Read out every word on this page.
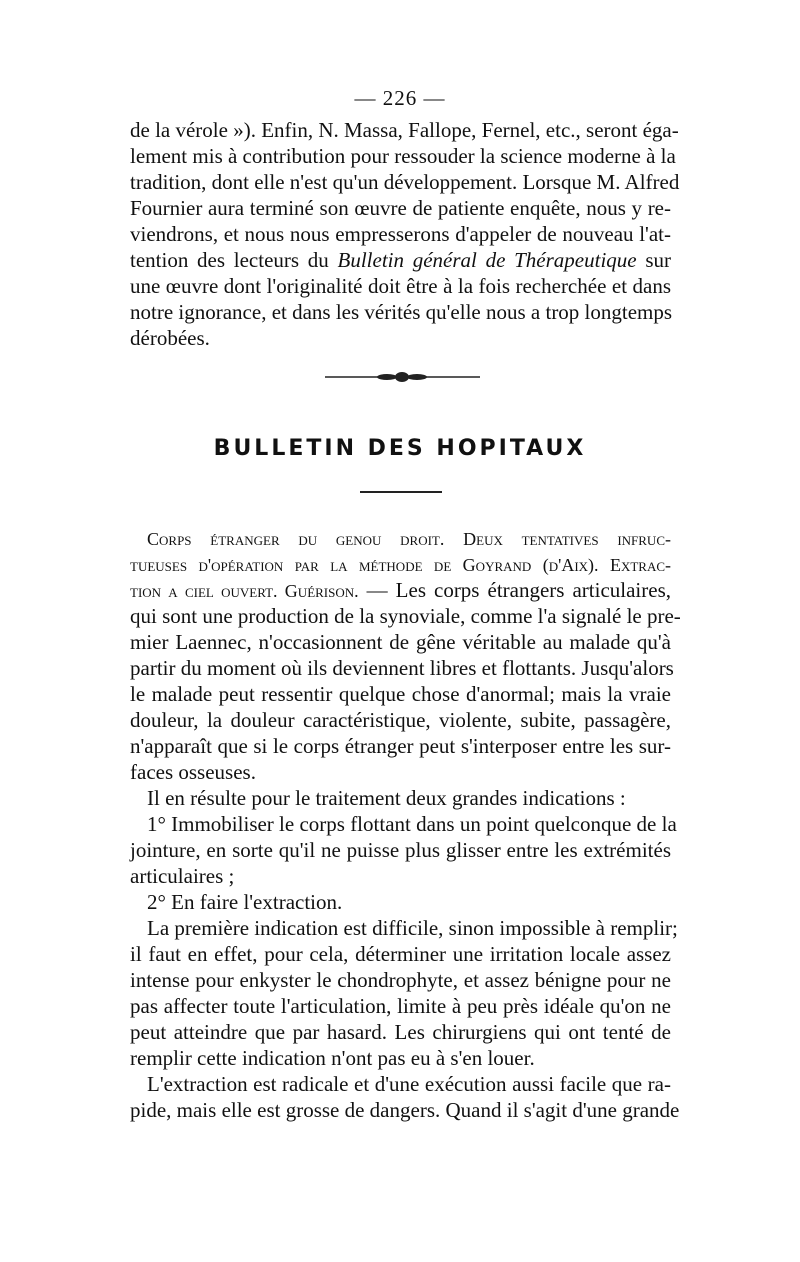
— 226 —
de la vérole »). Enfin, N. Massa, Fallope, Fernel, etc., seront éga-
lement mis à contribution pour ressouder la science moderne à la
tradition, dont elle n'est qu'un développement. Lorsque M. Alfred
Fournier aura terminé son œuvre de patiente enquête, nous y re-
viendrons, et nous nous empresserons d'appeler de nouveau l'at-
tention des lecteurs du Bulletin général de Thérapeutique sur
une œuvre dont l'originalité doit être à la fois recherchée et dans
notre ignorance, et dans les vérités qu'elle nous a trop longtemps
dérobées.
BULLETIN DES HOPITAUX
Corps étranger du genou droit. Deux tentatives infruc-
tueuses d'opération par la méthode de Goyrand (d'Aix). Extrac-
tion a ciel ouvert. Guérison. — Les corps étrangers articulaires,
qui sont une production de la synoviale, comme l'a signalé le pre-
mier Laennec, n'occasionnent de gêne véritable au malade qu'à
partir du moment où ils deviennent libres et flottants. Jusqu'alors
le malade peut ressentir quelque chose d'anormal; mais la vraie
douleur, la douleur caractéristique, violente, subite, passagère,
n'apparaît que si le corps étranger peut s'interposer entre les sur-
faces osseuses.
Il en résulte pour le traitement deux grandes indications :
1° Immobiliser le corps flottant dans un point quelconque de la
jointure, en sorte qu'il ne puisse plus glisser entre les extrémités
articulaires ;
2° En faire l'extraction.
La première indication est difficile, sinon impossible à remplir;
il faut en effet, pour cela, déterminer une irritation locale assez
intense pour enkyster le chondrophyte, et assez bénigne pour ne
pas affecter toute l'articulation, limite à peu près idéale qu'on ne
peut atteindre que par hasard. Les chirurgiens qui ont tenté de
remplir cette indication n'ont pas eu à s'en louer.
L'extraction est radicale et d'une exécution aussi facile que ra-
pide, mais elle est grosse de dangers. Quand il s'agit d'une grande
